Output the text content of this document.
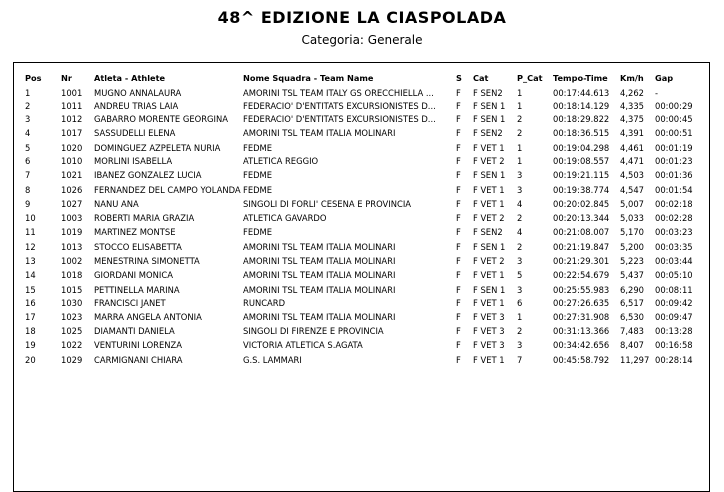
48^ EDIZIONE LA CIASPOLADA
Categoria: Generale
Pos	Nr	Atleta - Athlete	Nome Squadra - Team Name	S	Cat	P_Cat	Tempo-Time	Km/h	Gap
1	1001	MUGNO ANNALAURA	AMORINI TSL TEAM ITALY GS ORECCHIELLA ...	F	F SEN2	1	00:17:44.613	4,262	-
2	1011	ANDREU TRIAS LAIA	FEDERACIO' D'ENTITATS EXCURSIONISTES D...	F	F SEN 1	1	00:18:14.129	4,335	00:00:29
3	1012	GABARRO MORENTE GEORGINA	FEDERACIO' D'ENTITATS EXCURSIONISTES D...	F	F SEN 1	2	00:18:29.822	4,375	00:00:45
4	1017	SASSUDELLI ELENA	AMORINI TSL TEAM ITALIA MOLINARI	F	F SEN2	2	00:18:36.515	4,391	00:00:51
5	1020	DOMINGUEZ AZPELETA NURIA	FEDME	F	F VET 1	1	00:19:04.298	4,461	00:01:19
6	1010	MORLINI ISABELLA	ATLETICA REGGIO	F	F VET 2	1	00:19:08.557	4,471	00:01:23
7	1021	IBANEZ GONZALEZ LUCIA	FEDME	F	F SEN 1	3	00:19:21.115	4,503	00:01:36
8	1026	FERNANDEZ DEL CAMPO YOLANDA FEDME	F	F VET 1	3	00:19:38.774	4,547	00:01:54
9	1027	NANU ANA	SINGOLI DI FORLI' CESENA E PROVINCIA	F	F VET 1	4	00:20:02.845	5,007	00:02:18
10	1003	ROBERTI MARIA GRAZIA	ATLETICA GAVARDO	F	F VET 2	2	00:20:13.344	5,033	00:02:28
11	1019	MARTINEZ MONTSE	FEDME	F	F SEN2	4	00:21:08.007	5,170	00:03:23
12	1013	STOCCO ELISABETTA	AMORINI TSL TEAM ITALIA MOLINARI	F	F SEN 1	2	00:21:19.847	5,200	00:03:35
13	1002	MENESTRINA SIMONETTA	AMORINI TSL TEAM ITALIA MOLINARI	F	F VET 2	3	00:21:29.301	5,223	00:03:44
14	1018	GIORDANI MONICA	AMORINI TSL TEAM ITALIA MOLINARI	F	F VET 1	5	00:22:54.679	5,437	00:05:10
15	1015	PETTINELLA MARINA	AMORINI TSL TEAM ITALIA MOLINARI	F	F SEN 1	3	00:25:55.983	6,290	00:08:11
16	1030	FRANCISCI JANET	RUNCARD	F	F VET 1	6	00:27:26.635	6,517	00:09:42
17	1023	MARRA ANGELA ANTONIA	AMORINI TSL TEAM ITALIA MOLINARI	F	F VET 3	1	00:27:31.908	6,530	00:09:47
18	1025	DIAMANTI DANIELA	SINGOLI DI FIRENZE E PROVINCIA	F	F VET 3	2	00:31:13.366	7,483	00:13:28
19	1022	VENTURINI LORENZA	VICTORIA ATLETICA S.AGATA	F	F VET 3	3	00:34:42.656	8,407	00:16:58
20	1029	CARMIGNANI CHIARA	G.S. LAMMARI	F	F VET 1	7	00:45:58.792	11,297 00:28:14
